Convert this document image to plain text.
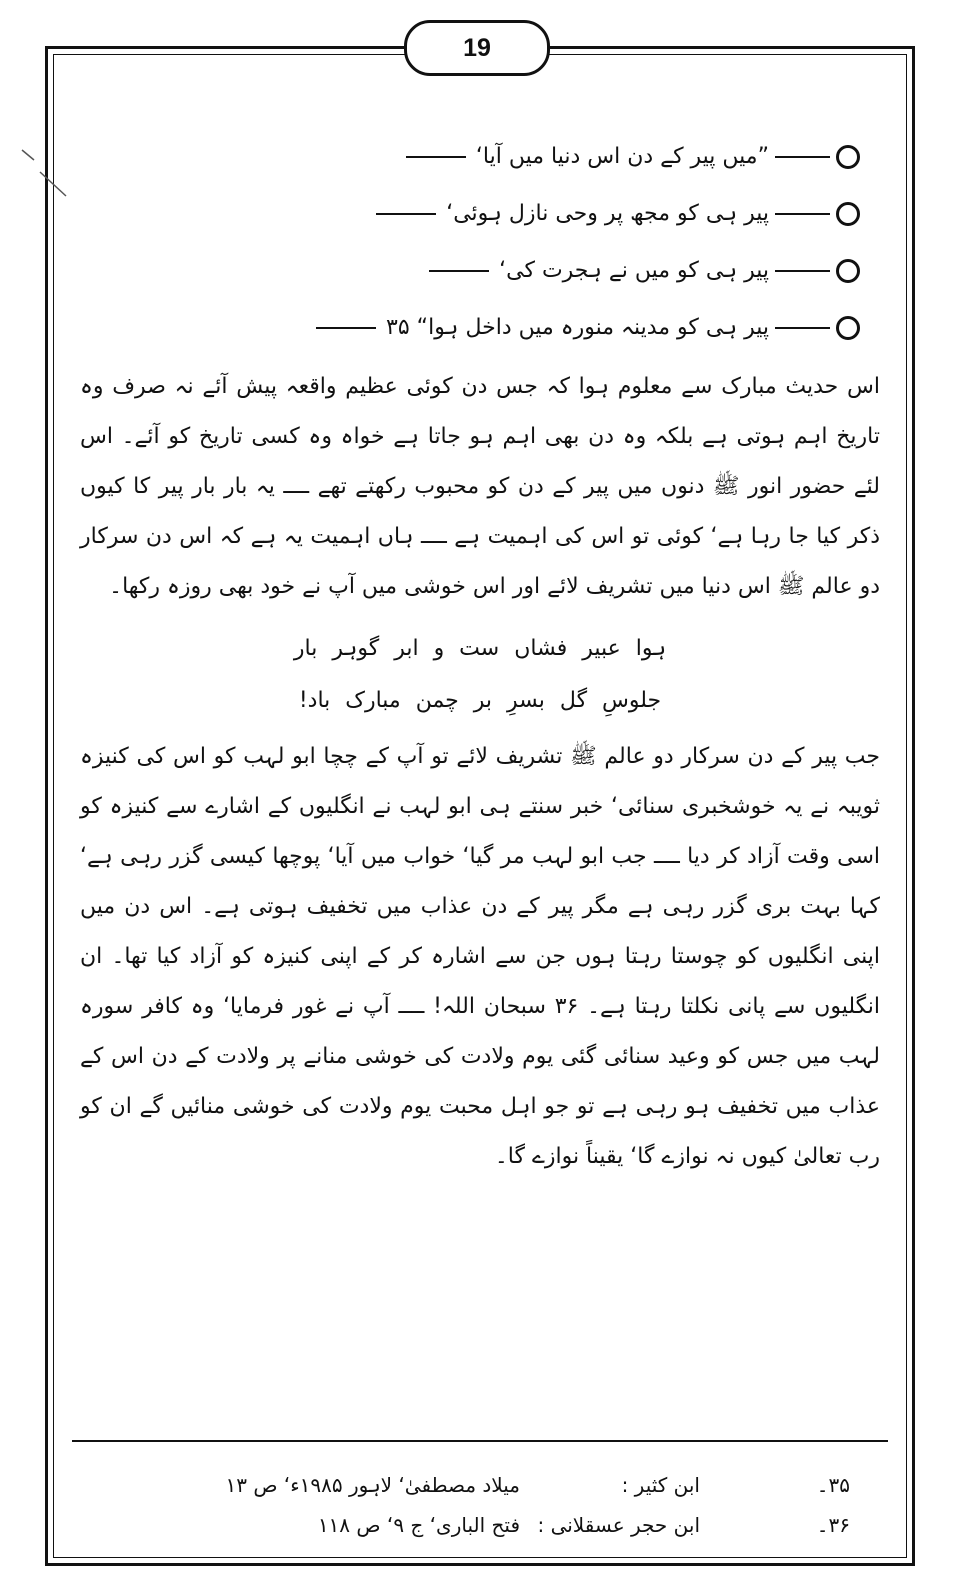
19
”میں پیر کے دن اس دنیا میں آیا‘
پیر ہی کو مجھ پر وحی نازل ہوئی‘
پیر ہی کو میں نے ہجرت کی‘
پیر ہی کو مدینہ منورہ میں داخل ہوا“ ۳۵

اس حدیث مبارک سے معلوم ہوا کہ جس دن کوئی عظیم واقعہ پیش آئے نہ صرف وہ تاریخ اہم ہوتی ہے بلکہ وہ دن بھی اہم ہو جاتا ہے خواہ وہ کسی تاریخ کو آئے۔ اس لئے حضور انور ﷺ دنوں میں پیر کے دن کو محبوب رکھتے تھے ــــ یہ بار بار پیر کا کیوں ذکر کیا جا رہا ہے‘ کوئی تو اس کی اہمیت ہے ــــ ہاں اہمیت یہ ہے کہ اس دن سرکار دو عالم ﷺ اس دنیا میں تشریف لائے اور اس خوشی میں آپ نے خود بھی روزہ رکھا۔

ہوا عبیر فشاں ست و ابر گوہر بار
جلوسِ گل بسرِ بر چمن مبارک باد!

جب پیر کے دن سرکار دو عالم ﷺ تشریف لائے تو آپ کے چچا ابو لہب کو اس کی کنیزہ ثویبہ نے یہ خوشخبری سنائی‘ خبر سنتے ہی ابو لہب نے انگلیوں کے اشارے سے کنیزہ کو اسی وقت آزاد کر دیا ــــ جب ابو لہب مر گیا‘ خواب میں آیا‘ پوچھا کیسی گزر رہی ہے‘ کہا بہت بری گزر رہی ہے مگر پیر کے دن عذاب میں تخفیف ہوتی ہے۔ اس دن میں اپنی انگلیوں کو چوستا رہتا ہوں جن سے اشارہ کر کے اپنی کنیزہ کو آزاد کیا تھا۔ ان انگلیوں سے پانی نکلتا رہتا ہے۔ ۳۶ سبحان اللہ! ــــ آپ نے غور فرمایا‘ وہ کافر سورہ لہب میں جس کو وعید سنائی گئی یوم ولادت کی خوشی منانے پر ولادت کے دن اس کے عذاب میں تخفیف ہو رہی ہے تو جو اہل محبت یوم ولادت کی خوشی منائیں گے ان کو رب تعالیٰ کیوں نہ نوازے گا‘ یقیناً نوازے گا۔

۳۵۔
ابن کثیر :
میلاد مصطفیٰ‘ لاہور ۱۹۸۵ء‘ ص ۱۳
۳۶۔
ابن حجر عسقلانی :
فتح الباری‘ ج ۹‘ ص ۱۱۸
